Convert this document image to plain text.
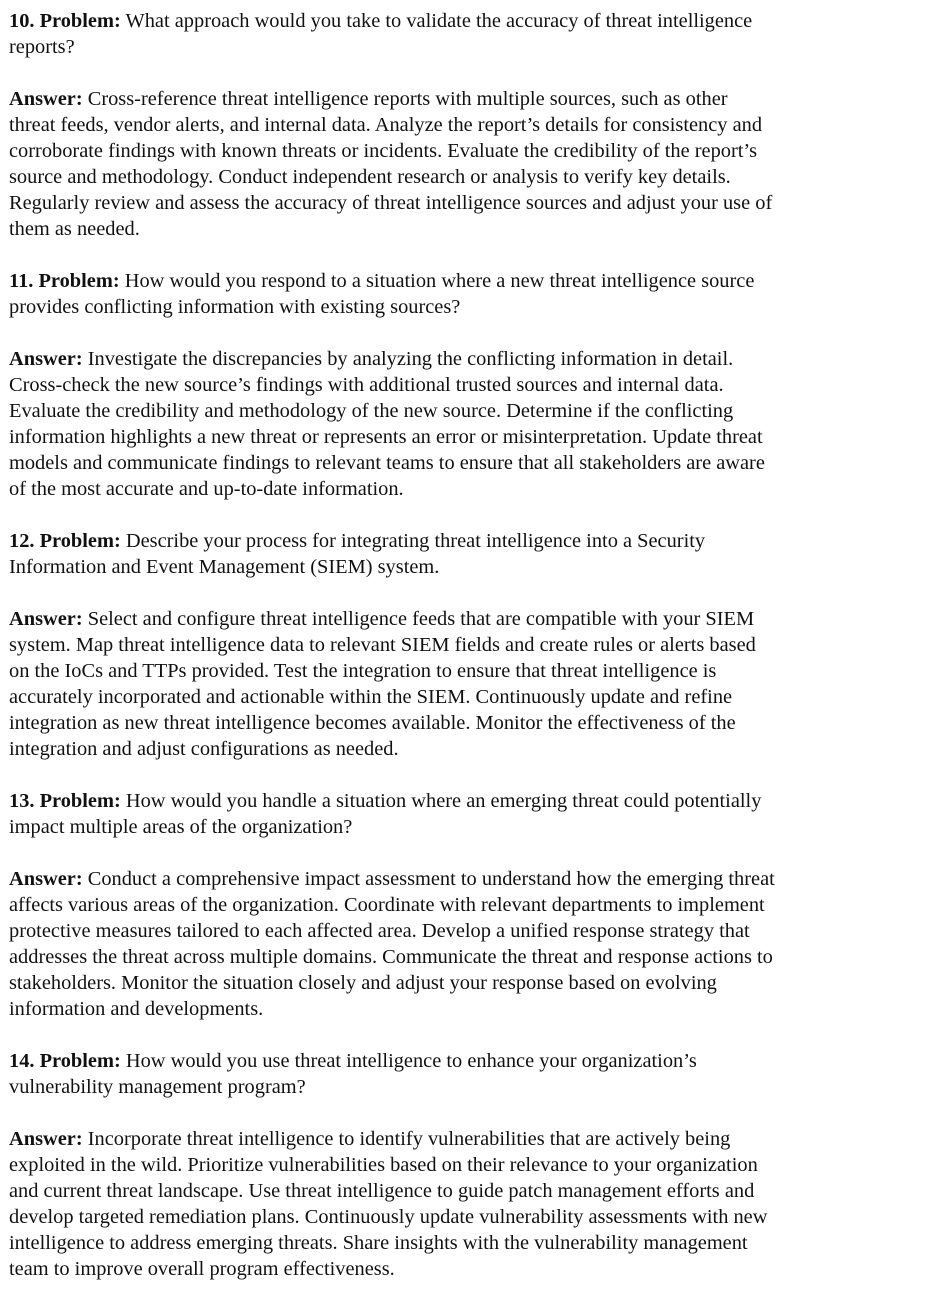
10. Problem: What approach would you take to validate the accuracy of threat intelligence
reports?

Answer: Cross-reference threat intelligence reports with multiple sources, such as other
threat feeds, vendor alerts, and internal data. Analyze the report’s details for consistency and
corroborate findings with known threats or incidents. Evaluate the credibility of the report’s
source and methodology. Conduct independent research or analysis to verify key details.
Regularly review and assess the accuracy of threat intelligence sources and adjust your use of
them as needed.

11. Problem: How would you respond to a situation where a new threat intelligence source
provides conflicting information with existing sources?

Answer: Investigate the discrepancies by analyzing the conflicting information in detail.
Cross-check the new source’s findings with additional trusted sources and internal data.
Evaluate the credibility and methodology of the new source. Determine if the conflicting
information highlights a new threat or represents an error or misinterpretation. Update threat
models and communicate findings to relevant teams to ensure that all stakeholders are aware
of the most accurate and up-to-date information.

12. Problem: Describe your process for integrating threat intelligence into a Security
Information and Event Management (SIEM) system.

Answer: Select and configure threat intelligence feeds that are compatible with your SIEM
system. Map threat intelligence data to relevant SIEM fields and create rules or alerts based
on the IoCs and TTPs provided. Test the integration to ensure that threat intelligence is
accurately incorporated and actionable within the SIEM. Continuously update and refine
integration as new threat intelligence becomes available. Monitor the effectiveness of the
integration and adjust configurations as needed.

13. Problem: How would you handle a situation where an emerging threat could potentially
impact multiple areas of the organization?

Answer: Conduct a comprehensive impact assessment to understand how the emerging threat
affects various areas of the organization. Coordinate with relevant departments to implement
protective measures tailored to each affected area. Develop a unified response strategy that
addresses the threat across multiple domains. Communicate the threat and response actions to
stakeholders. Monitor the situation closely and adjust your response based on evolving
information and developments.

14. Problem: How would you use threat intelligence to enhance your organization’s
vulnerability management program?

Answer: Incorporate threat intelligence to identify vulnerabilities that are actively being
exploited in the wild. Prioritize vulnerabilities based on their relevance to your organization
and current threat landscape. Use threat intelligence to guide patch management efforts and
develop targeted remediation plans. Continuously update vulnerability assessments with new
intelligence to address emerging threats. Share insights with the vulnerability management
team to improve overall program effectiveness.
